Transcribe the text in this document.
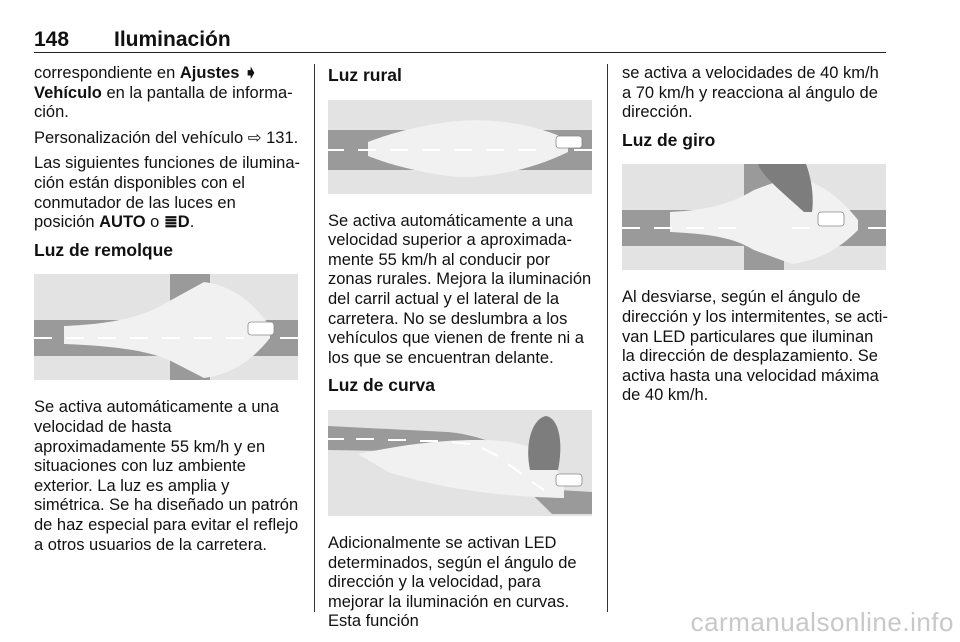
148 Iluminación

correspondiente en Ajustes ➧
Vehículo en la pantalla de información.

Personalización del vehículo ⇨ 131.

Las siguientes funciones de iluminación están disponibles con el conmutador de las luces en posición AUTO o ≣D.

Luz de remolque

Se activa automáticamente a una velocidad de hasta aproximadamente 55 km/h y en situaciones con luz ambiente exterior. La luz es amplia y simétrica. Se ha diseñado un patrón de haz especial para evitar el reflejo a otros usuarios de la carretera.

Luz rural

Se activa automáticamente a una velocidad superior a aproximadamente 55 km/h al conducir por zonas rurales. Mejora la iluminación del carril actual y el lateral de la carretera. No se deslumbra a los vehículos que vienen de frente ni a los que se encuentran delante.

Luz de curva

Adicionalmente se activan LED determinados, según el ángulo de dirección y la velocidad, para mejorar la iluminación en curvas. Esta función

se activa a velocidades de 40 km/h a 70 km/h y reacciona al ángulo de dirección.

Luz de giro

Al desviarse, según el ángulo de dirección y los intermitentes, se activan LED particulares que iluminan la dirección de desplazamiento. Se activa hasta una velocidad máxima de 40 km/h.

carmanualsonline.info
